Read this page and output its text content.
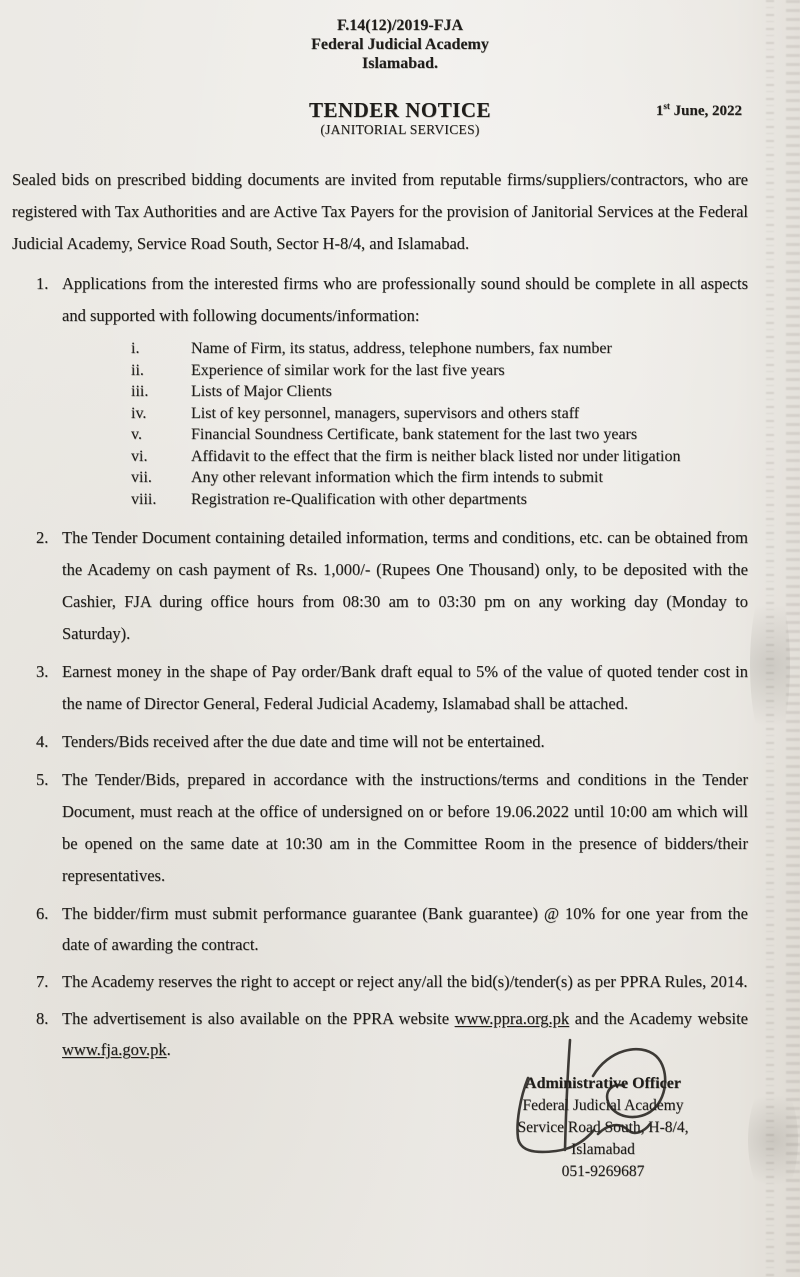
F.14(12)/2019-FJA
Federal Judicial Academy
Islamabad.
TENDER NOTICE
(JANITORIAL SERVICES)
1st June, 2022

Sealed bids on prescribed bidding documents are invited from reputable firms/suppliers/contractors, who are registered with Tax Authorities and are Active Tax Payers for the provision of Janitorial Services at the Federal Judicial Academy, Service Road South, Sector H-8/4, and Islamabad.

1. Applications from the interested firms who are professionally sound should be complete in all aspects and supported with following documents/information:
i.	Name of Firm, its status, address, telephone numbers, fax number
ii.	Experience of similar work for the last five years
iii.	Lists of Major Clients
iv.	List of key personnel, managers, supervisors and others staff
v.	Financial Soundness Certificate, bank statement for the last two years
vi.	Affidavit to the effect that the firm is neither black listed nor under litigation
vii.	Any other relevant information which the firm intends to submit
viii.	Registration re-Qualification with other departments
2. The Tender Document containing detailed information, terms and conditions, etc. can be obtained from the Academy on cash payment of Rs. 1,000/- (Rupees One Thousand) only, to be deposited with the Cashier, FJA during office hours from 08:30 am to 03:30 pm on any working day (Monday to Saturday).
3. Earnest money in the shape of Pay order/Bank draft equal to 5% of the value of quoted tender cost in the name of Director General, Federal Judicial Academy, Islamabad shall be attached.
4. Tenders/Bids received after the due date and time will not be entertained.
5. The Tender/Bids, prepared in accordance with the instructions/terms and conditions in the Tender Document, must reach at the office of undersigned on or before 19.06.2022 until 10:00 am which will be opened on the same date at 10:30 am in the Committee Room in the presence of bidders/their representatives.
6. The bidder/firm must submit performance guarantee (Bank guarantee) @ 10% for one year from the date of awarding the contract.
7. The Academy reserves the right to accept or reject any/all the bid(s)/tender(s) as per PPRA Rules, 2014.
8. The advertisement is also available on the PPRA website www.ppra.org.pk and the Academy website www.fja.gov.pk.
Administrative Officer
Federal Judicial Academy
Service Road South, H-8/4,
Islamabad
051-9269687
